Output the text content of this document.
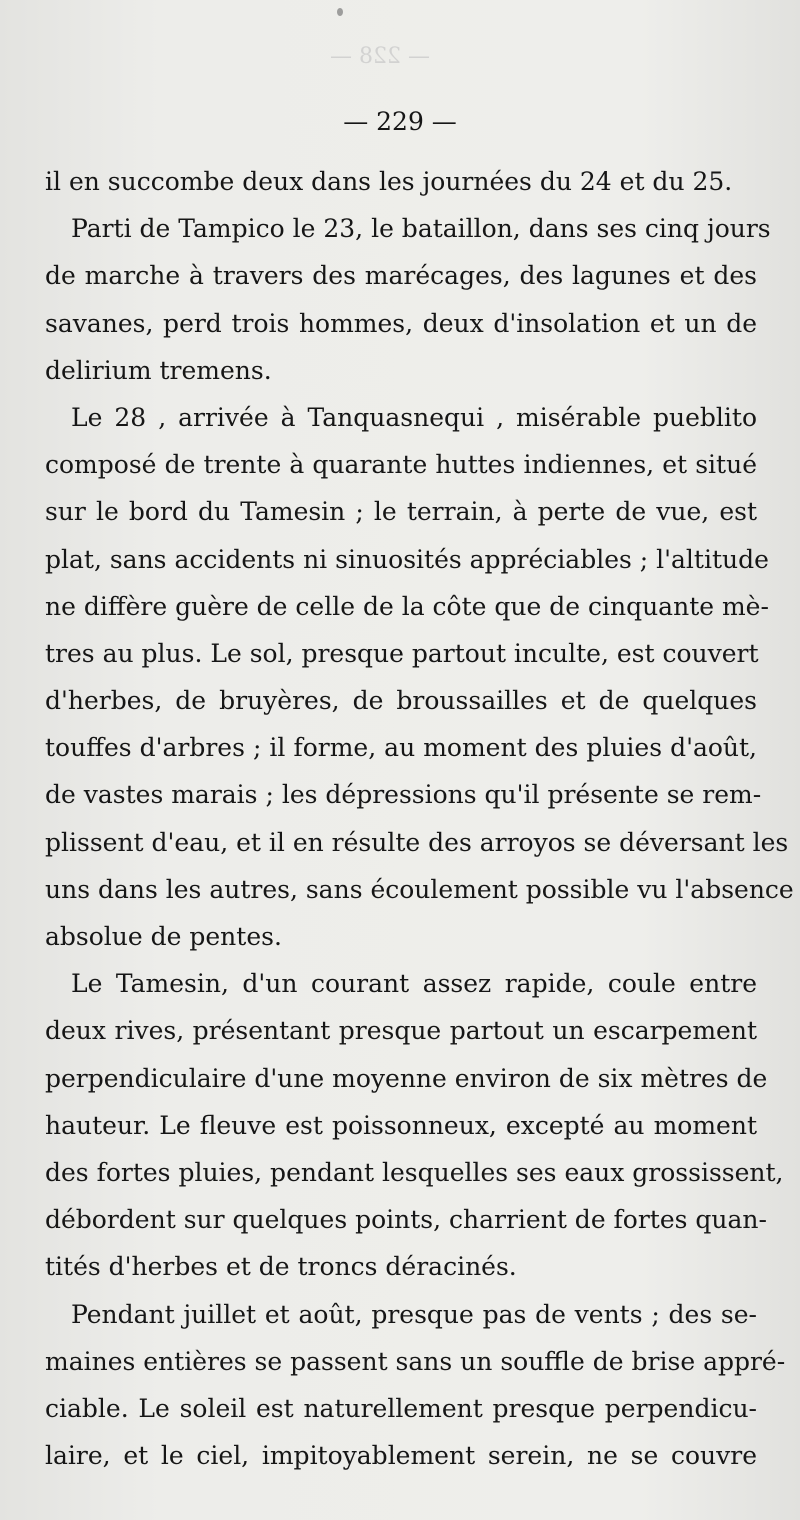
— 228 —
— 229 —
il en succombe deux dans les journées du 24 et du 25.
Parti de Tampico le 23, le bataillon, dans ses cinq jours
de marche à travers des marécages, des lagunes et des
savanes, perd trois hommes, deux d'insolation et un de
delirium tremens.
Le 28 , arrivée à Tanquasnequi , misérable pueblito
composé de trente à quarante huttes indiennes, et situé
sur le bord du Tamesin ; le terrain, à perte de vue, est
plat, sans accidents ni sinuosités appréciables ; l'altitude
ne diffère guère de celle de la côte que de cinquante mè-
tres au plus. Le sol, presque partout inculte, est couvert
d'herbes, de bruyères, de broussailles et de quelques
touffes d'arbres ; il forme, au moment des pluies d'août,
de vastes marais ; les dépressions qu'il présente se rem-
plissent d'eau, et il en résulte des arroyos se déversant les
uns dans les autres, sans écoulement possible vu l'absence
absolue de pentes.
Le Tamesin, d'un courant assez rapide, coule entre
deux rives, présentant presque partout un escarpement
perpendiculaire d'une moyenne environ de six mètres de
hauteur. Le fleuve est poissonneux, excepté au moment
des fortes pluies, pendant lesquelles ses eaux grossissent,
débordent sur quelques points, charrient de fortes quan-
tités d'herbes et de troncs déracinés.
Pendant juillet et août, presque pas de vents ; des se-
maines entières se passent sans un souffle de brise appré-
ciable. Le soleil est naturellement presque perpendicu-
laire, et le ciel, impitoyablement serein, ne se couvre
